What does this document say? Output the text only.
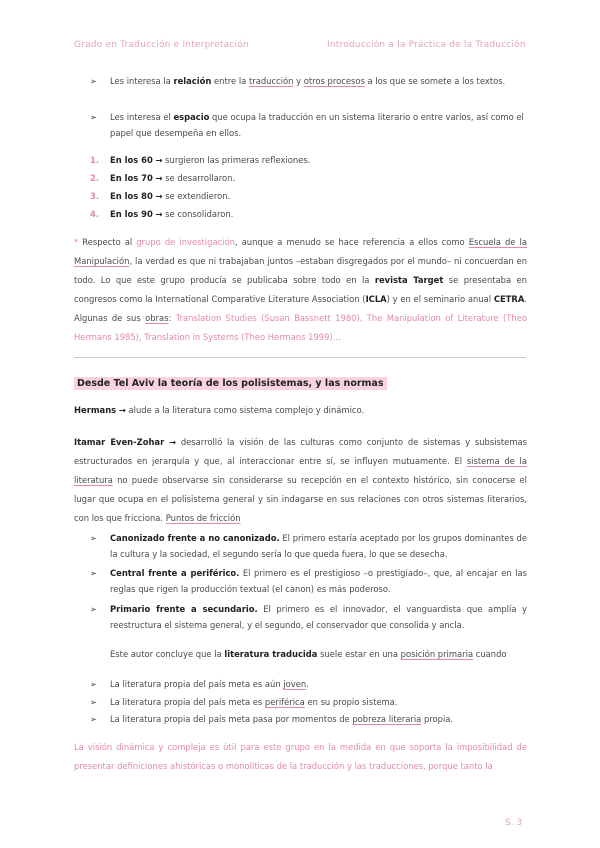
Grado en Traducción e Interpretación	Introducción a la Práctica de la Traducción
➢	Les interesa la relación entre la traducción y otros procesos a los que se somete a los textos.
➢	Les interesa el espacio que ocupa la traducción en un sistema literario o entre varios, así como el papel que desempeña en ellos.
1. En los 60 → surgieron las primeras reflexiones.
2. En los 70 → se desarrollaron.
3. En los 80 → se extendieron.
4. En los 90 → se consolidaron.
* Respecto al grupo de investigación, aunque a menudo se hace referencia a ellos como Escuela de la Manipulación, la verdad es que ni trabajaban juntos –estaban disgregados por el mundo– ni concuerdan en todo. Lo que este grupo producía se publicaba sobre todo en la revista Target se presentaba en congresos como la International Comparative Literature Association (ICLA) y en el seminario anual CETRA. Algunas de sus obras: Translation Studies (Susan Bassnett 1980), The Manipulation of Literature (Theo Hermans 1985), Translation in Systems (Theo Hermans 1999)...
Desde Tel Aviv la teoría de los polisistemas, y las normas
Hermans → alude a la literatura como sistema complejo y dinámico.
Itamar Even-Zohar → desarrolló la visión de las culturas como conjunto de sistemas y subsistemas estructurados en jerarquía y que, al interaccionar entre sí, se influyen mutuamente. El sistema de la literatura no puede observarse sin considerarse su recepción en el contexto histórico, sin conocerse el lugar que ocupa en el polisistema general y sin indagarse en sus relaciones con otros sistemas literarios, con los que fricciona. Puntos de fricción
➢	Canonizado frente a no canonizado. El primero estaría aceptado por los grupos dominantes de la cultura y la sociedad, el segundo sería lo que queda fuera, lo que se desecha.
➢	Central frente a periférico. El primero es el prestigioso –o prestigiado–, que, al encajar en las reglas que rigen la producción textual (el canon) es más poderoso.
➢	Primario frente a secundario. El primero es el innovador, el vanguardista que amplía y reestructura el sistema general, y el segundo, el conservador que consolida y ancla.
Este autor concluye que la literatura traducida suele estar en una posición primaria cuando
➢	La literatura propia del país meta es aún joven.
➢	La literatura propia del país meta es periférica en su propio sistema.
➢	La literatura propia del país meta pasa por momentos de pobreza literaria propia.
La visión dinámica y compleja es útil para este grupo en la medida en que soporta la imposibilidad de presentar definiciones ahistóricas o monolíticas de la traducción y las traducciones, porque tanto la
S. 3
